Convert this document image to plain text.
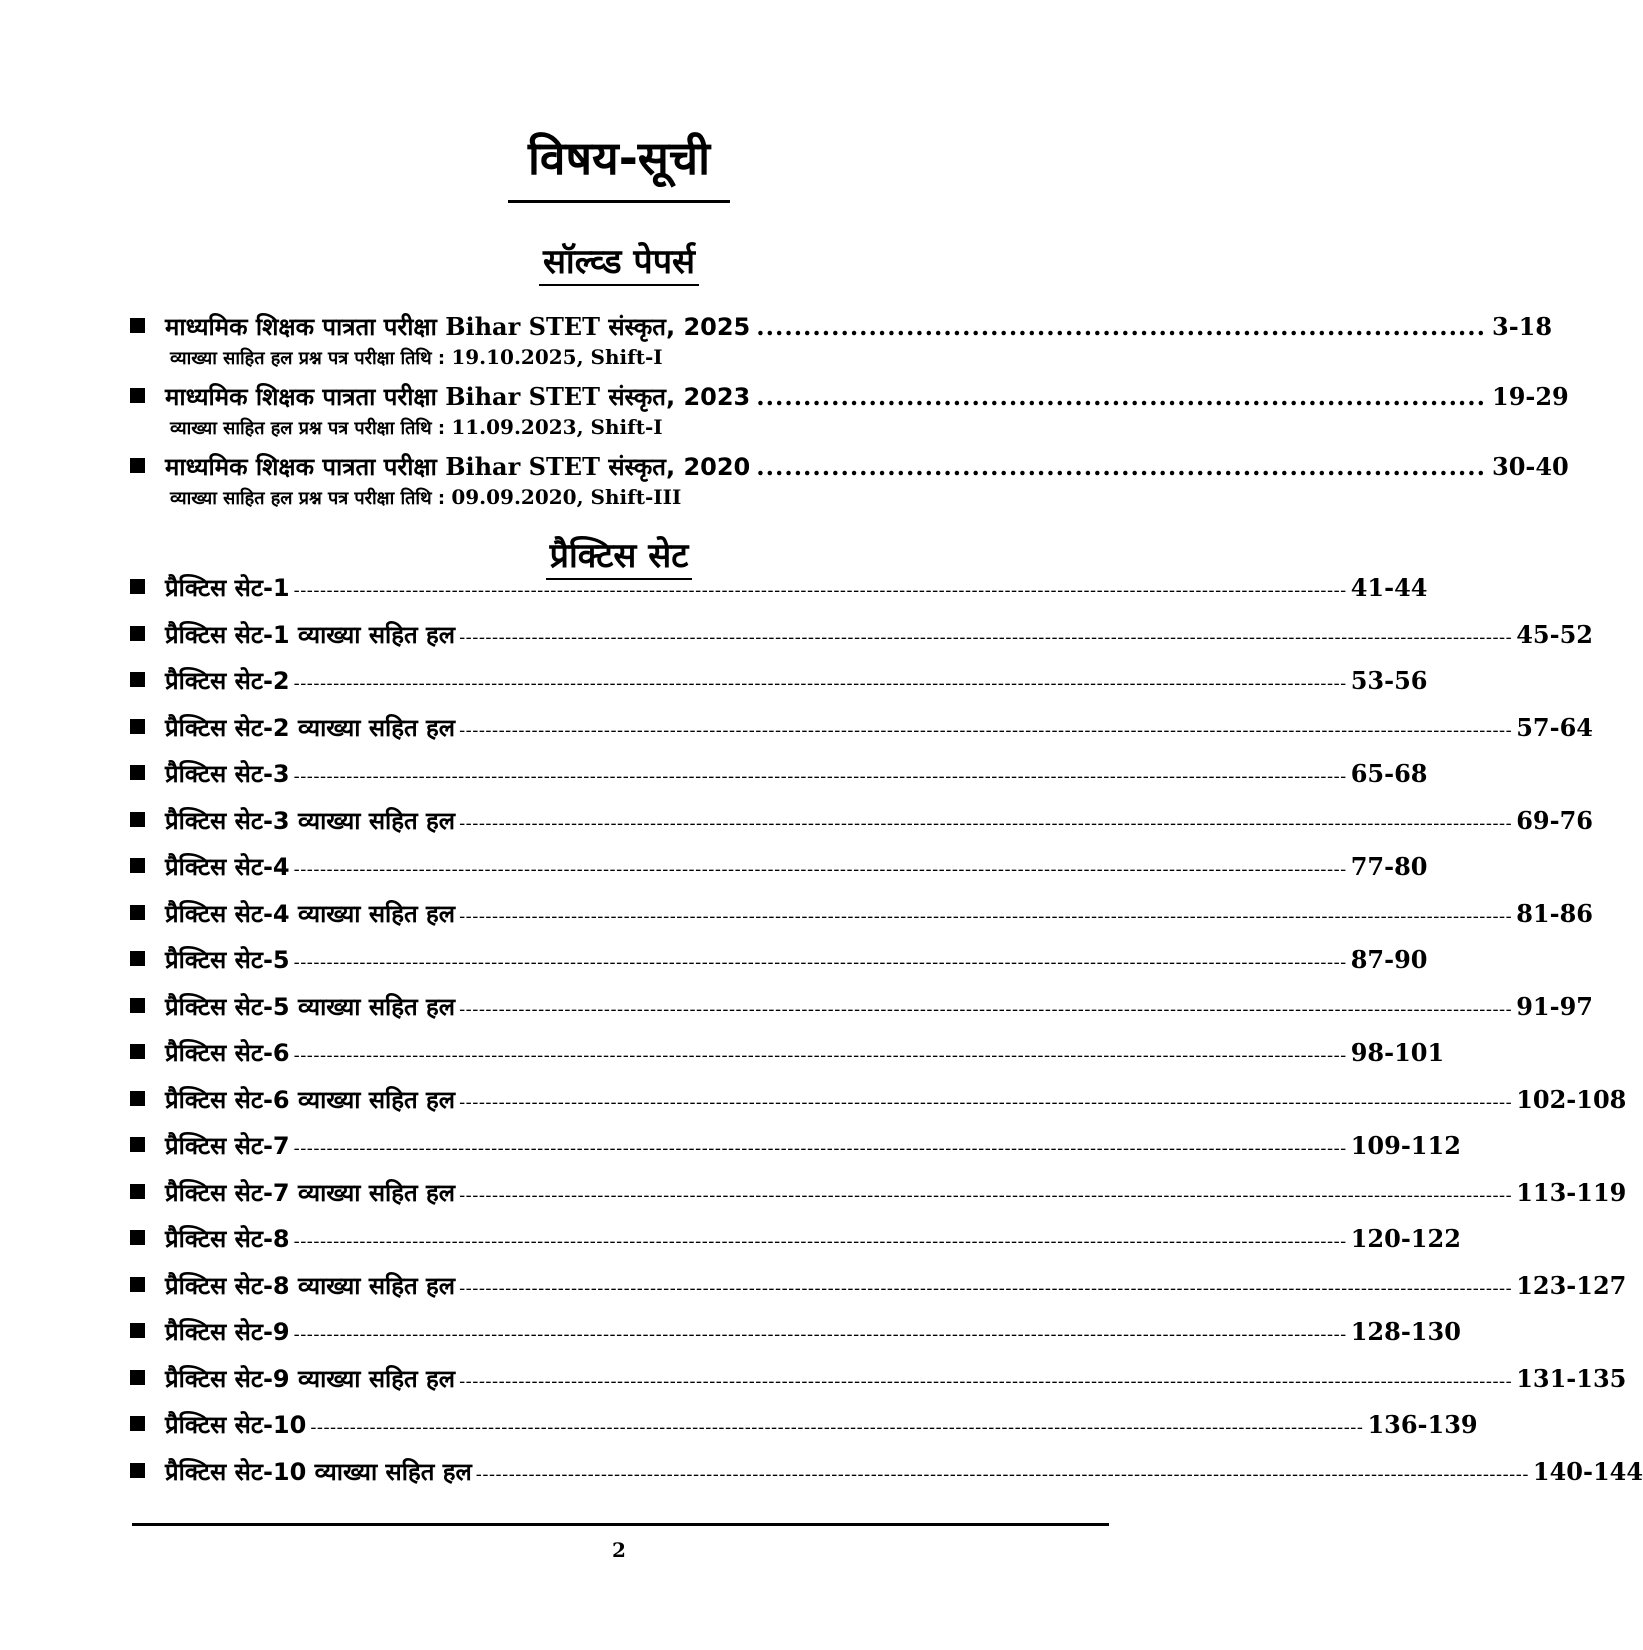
विषय-सूची
सॉल्व्ड पेपर्स
माध्यमिक शिक्षक पात्रता परीक्षा Bihar STET संस्कृत, 2025 .............................................................................. 3-18
व्याख्या साहित हल प्रश्न पत्र परीक्षा तिथि : 19.10.2025, Shift-I
माध्यमिक शिक्षक पात्रता परीक्षा Bihar STET संस्कृत, 2023 .............................................................................. 19-29
व्याख्या साहित हल प्रश्न पत्र परीक्षा तिथि : 11.09.2023, Shift-I
माध्यमिक शिक्षक पात्रता परीक्षा Bihar STET संस्कृत, 2020 .............................................................................. 30-40
व्याख्या साहित हल प्रश्न पत्र परीक्षा तिथि : 09.09.2020, Shift-III
प्रैक्टिस सेट
प्रैक्टिस सेट-1 ---------------------------------------------------------------------------------------------------------------------------------------------------------------- 41-44
प्रैक्टिस सेट-1 व्याख्या सहित हल ---------------------------------------------------------------------------------------------------------------------------------------------------------------- 45-52
प्रैक्टिस सेट-2 ---------------------------------------------------------------------------------------------------------------------------------------------------------------- 53-56
प्रैक्टिस सेट-2 व्याख्या सहित हल ---------------------------------------------------------------------------------------------------------------------------------------------------------------- 57-64
प्रैक्टिस सेट-3 ---------------------------------------------------------------------------------------------------------------------------------------------------------------- 65-68
प्रैक्टिस सेट-3 व्याख्या सहित हल ---------------------------------------------------------------------------------------------------------------------------------------------------------------- 69-76
प्रैक्टिस सेट-4 ---------------------------------------------------------------------------------------------------------------------------------------------------------------- 77-80
प्रैक्टिस सेट-4 व्याख्या सहित हल ---------------------------------------------------------------------------------------------------------------------------------------------------------------- 81-86
प्रैक्टिस सेट-5 ---------------------------------------------------------------------------------------------------------------------------------------------------------------- 87-90
प्रैक्टिस सेट-5 व्याख्या सहित हल ---------------------------------------------------------------------------------------------------------------------------------------------------------------- 91-97
प्रैक्टिस सेट-6 ---------------------------------------------------------------------------------------------------------------------------------------------------------------- 98-101
प्रैक्टिस सेट-6 व्याख्या सहित हल ---------------------------------------------------------------------------------------------------------------------------------------------------------------- 102-108
प्रैक्टिस सेट-7 ---------------------------------------------------------------------------------------------------------------------------------------------------------------- 109-112
प्रैक्टिस सेट-7 व्याख्या सहित हल ---------------------------------------------------------------------------------------------------------------------------------------------------------------- 113-119
प्रैक्टिस सेट-8 ---------------------------------------------------------------------------------------------------------------------------------------------------------------- 120-122
प्रैक्टिस सेट-8 व्याख्या सहित हल ---------------------------------------------------------------------------------------------------------------------------------------------------------------- 123-127
प्रैक्टिस सेट-9 ---------------------------------------------------------------------------------------------------------------------------------------------------------------- 128-130
प्रैक्टिस सेट-9 व्याख्या सहित हल ---------------------------------------------------------------------------------------------------------------------------------------------------------------- 131-135
प्रैक्टिस सेट-10 ---------------------------------------------------------------------------------------------------------------------------------------------------------------- 136-139
प्रैक्टिस सेट-10 व्याख्या सहित हल ---------------------------------------------------------------------------------------------------------------------------------------------------------------- 140-144
2
